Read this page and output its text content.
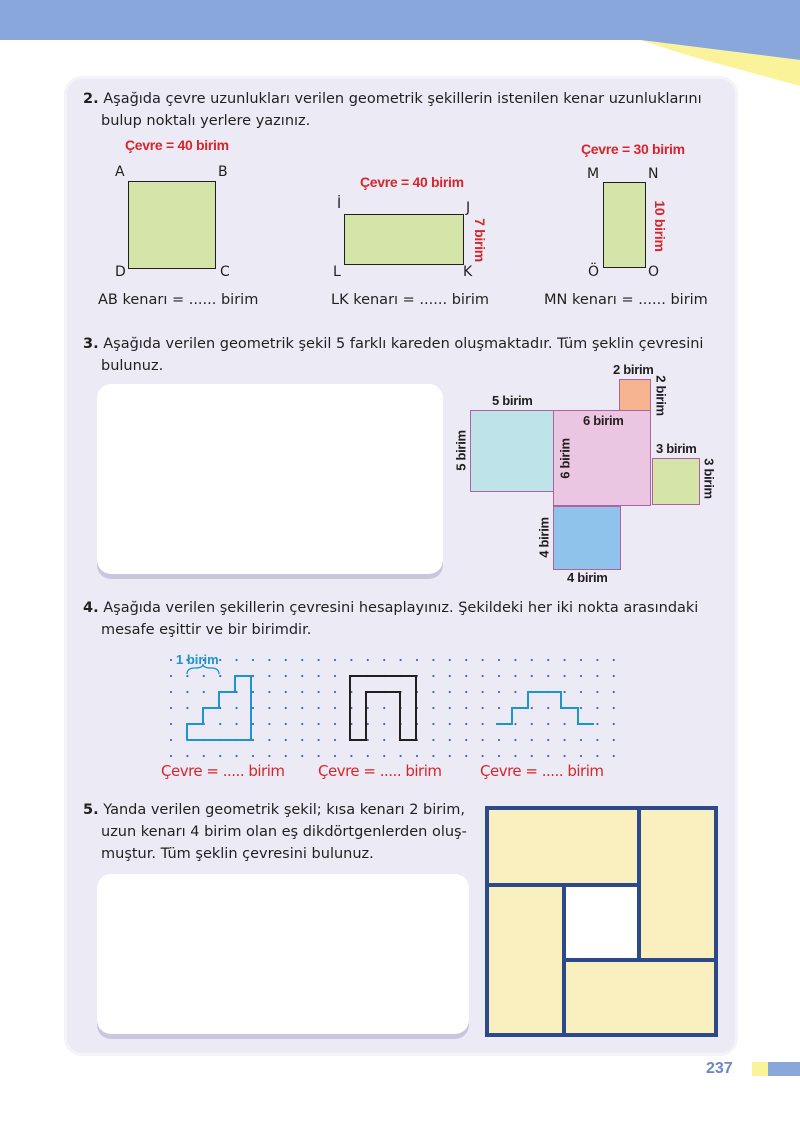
2. Aşağıda çevre uzunlukları verilen geometrik şekillerin istenilen kenar uzunluklarını
bulup noktalı yerlere yazınız.
Çevre = 40 birim
A	B
D	C
AB kenarı = ...... birim
Çevre = 40 birim
İ	J
7 birim
L	K
LK kenarı = ...... birim
Çevre = 30 birim
M	N
10 birim
Ö	O
MN kenarı = ...... birim
3. Aşağıda verilen geometrik şekil 5 farklı kareden oluşmaktadır. Tüm şeklin çevresini
bulunuz.	2 birim
2 birim
5 birim
5 birim
6 birim
6 birim	3 birim
3 birim
4 birim
4 birim
4. Aşağıda verilen şekillerin çevresini hesaplayınız. Şekildeki her iki nokta arasındaki
mesafe eşittir ve bir birimdir.
1 birim
Çevre = ..... birim Çevre = ..... birim	Çevre = ..... birim
5. Yanda verilen geometrik şekil; kısa kenarı 2 birim,
uzun kenarı 4 birim olan eş dikdörtgenlerden oluş-
muştur. Tüm şeklin çevresini bulunuz.
237
